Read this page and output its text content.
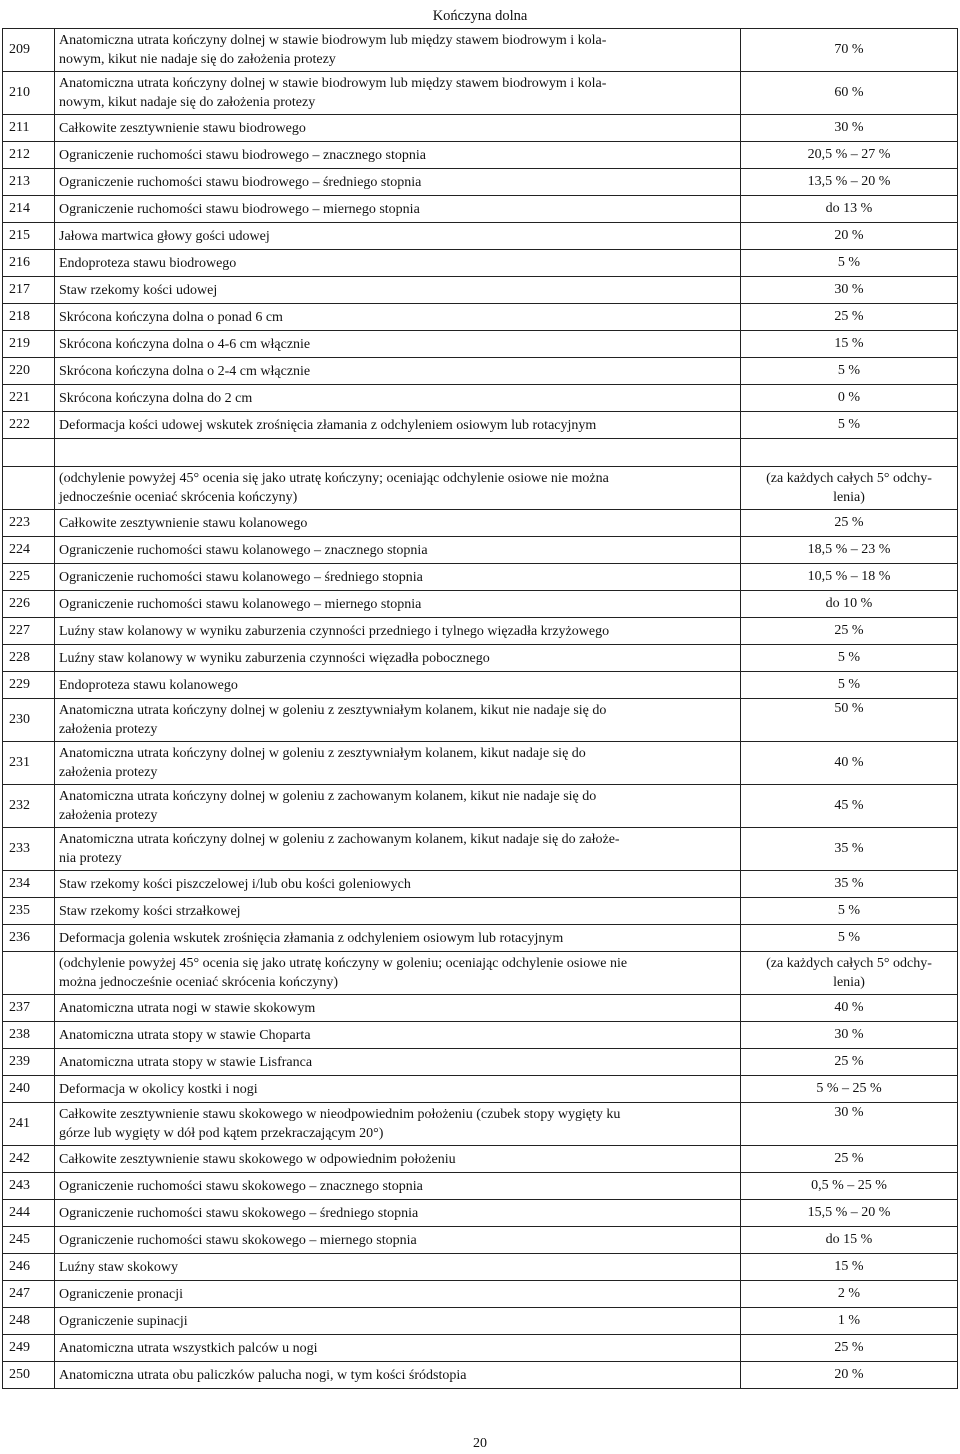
Kończyna dolna
209	Anatomiczna utrata kończyny dolnej w stawie biodrowym lub między stawem biodrowym i kola-
nowym, kikut nie nadaje się do założenia protezy	70 %
210	Anatomiczna utrata kończyny dolnej w stawie biodrowym lub między stawem biodrowym i kola-
nowym, kikut nadaje się do założenia protezy	60 %
211	Całkowite zesztywnienie stawu biodrowego	30 %
212	Ograniczenie ruchomości stawu biodrowego – znacznego stopnia	20,5 % – 27 %
213	Ograniczenie ruchomości stawu biodrowego – średniego stopnia	13,5 % – 20 %
214	Ograniczenie ruchomości stawu biodrowego – miernego stopnia	do 13 %
215	Jałowa martwica głowy gości udowej	20 %
216	Endoproteza stawu biodrowego	5 %
217	Staw rzekomy kości udowej	30 %
218	Skrócona kończyna dolna o ponad 6 cm	25 %
219	Skrócona kończyna dolna o 4-6 cm włącznie	15 %
220	Skrócona kończyna dolna o 2-4 cm włącznie	5 %
221	Skrócona kończyna dolna do 2 cm	0 %
222	Deformacja kości udowej wskutek zrośnięcia złamania z odchyleniem osiowym lub rotacyjnym	5 %

	(odchylenie powyżej 45° ocenia się jako utratę kończyny; oceniając odchylenie osiowe nie można
jednocześnie oceniać skrócenia kończyny)	(za każdych całych 5° odchy-
lenia)

223	Całkowite zesztywnienie stawu kolanowego	25 %
224	Ograniczenie ruchomości stawu kolanowego – znacznego stopnia	18,5 % – 23 %
225	Ograniczenie ruchomości stawu kolanowego – średniego stopnia	10,5 % – 18 %
226	Ograniczenie ruchomości stawu kolanowego – miernego stopnia	do 10 %
227	Luźny staw kolanowy w wyniku zaburzenia czynności przedniego i tylnego więzadła krzyżowego	25 %
228	Luźny staw kolanowy w wyniku zaburzenia czynności więzadła pobocznego	5 %
229	Endoproteza stawu kolanowego	5 %
230	Anatomiczna utrata kończyny dolnej w goleniu z zesztywniałym kolanem, kikut nie nadaje się do
założenia protezy	50 %
231	Anatomiczna utrata kończyny dolnej w goleniu z zesztywniałym kolanem, kikut nadaje się do
założenia protezy	40 %
232	Anatomiczna utrata kończyny dolnej w goleniu z zachowanym kolanem, kikut nie nadaje się do
założenia protezy	45 %
233	Anatomiczna utrata kończyny dolnej w goleniu z zachowanym kolanem, kikut nadaje się do założe-
nia protezy	35 %
234	Staw rzekomy kości piszczelowej i/lub obu kości goleniowych	35 %
235	Staw rzekomy kości strzałkowej	5 %
236	Deformacja golenia wskutek zrośnięcia złamania z odchyleniem osiowym lub rotacyjnym	5 %

	(odchylenie powyżej 45° ocenia się jako utratę kończyny w goleniu; oceniając odchylenie osiowe nie
można jednocześnie oceniać skrócenia kończyny)	(za każdych całych 5° odchy-
lenia)

237	Anatomiczna utrata nogi w stawie skokowym	40 %
238	Anatomiczna utrata stopy w stawie Choparta	30 %
239	Anatomiczna utrata stopy w stawie Lisfranca	25 %
240	Deformacja w okolicy kostki i nogi	5 % – 25 %
241	Całkowite zesztywnienie stawu skokowego w nieodpowiednim położeniu (czubek stopy wygięty ku
górze lub wygięty w dół pod kątem przekraczającym 20°)	30 %
242	Całkowite zesztywnienie stawu skokowego w odpowiednim położeniu	25 %
243	Ograniczenie ruchomości stawu skokowego – znacznego stopnia	0,5 % – 25 %
244	Ograniczenie ruchomości stawu skokowego – średniego stopnia	15,5 % – 20 %
245	Ograniczenie ruchomości stawu skokowego – miernego stopnia	do 15 %
246	Luźny staw skokowy	15 %
247	Ograniczenie pronacji	2 %
248	Ograniczenie supinacji	1 %
249	Anatomiczna utrata wszystkich palców u nogi	25 %
250	Anatomiczna utrata obu paliczków palucha nogi, w tym kości śródstopia	20 %
20
